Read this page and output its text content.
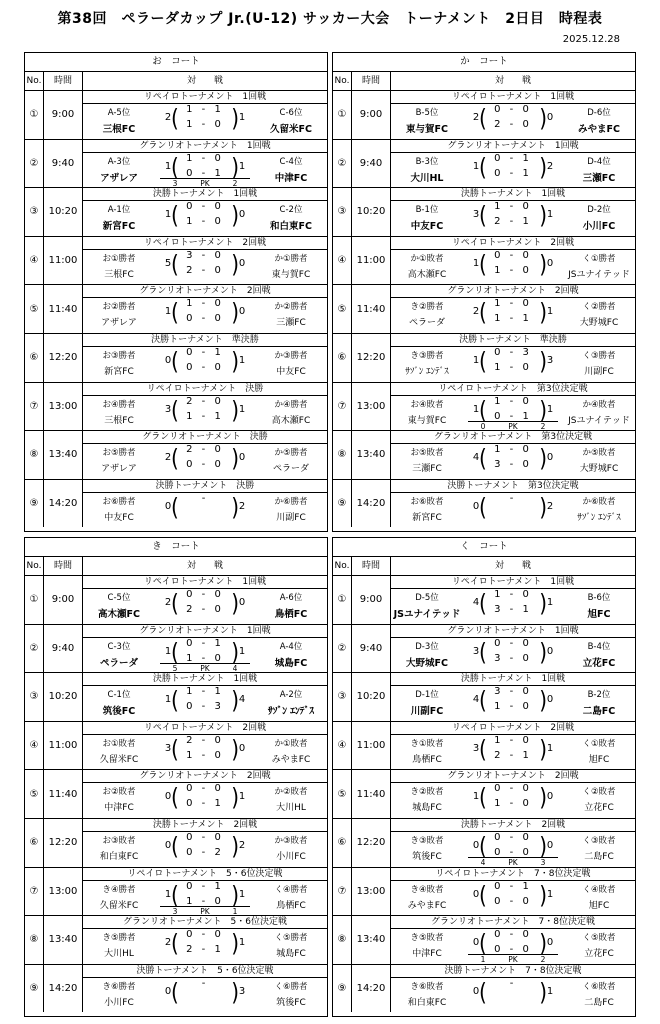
第38回　ペラーダカップ Jr.(U-12) サッカー大会　トーナメント　2日目　時程表
2025.12.28
お　コート
No.	時間	対　　戦
①	9:00
リペイロトーナメント　1回戦
A-5位
三根FC
2 ( 1 - 1
1 - 0 ) 1	C-6位
久留米FC
②	9:40
グランリオトーナメント　1回戦
A-3位
アザレア
1 ( 1 - 0
0 - 1 ) 1	C-4位
中津FC
3	PK	2
③	10:20
決勝トーナメント　1回戦
A-1位
新宮FC
1 ( 0 - 0
1 - 0 ) 0	C-2位
和白東FC
④	11:00
リペイロトーナメント　2回戦
お①勝者
三根FC
5 ( 3 - 0
2 - 0 ) 0	か①勝者
東与賀FC
⑤	11:40
グランリオトーナメント　2回戦
お②勝者
アザレア
1 ( 1 - 0
0 - 0 ) 0	か②勝者
三瀬FC
⑥	12:20
決勝トーナメント　準決勝
お③勝者
新宮FC
0 ( 0 - 1
0 - 0 ) 1	か③勝者
中友FC
⑦	13:00
リペイロトーナメント　決勝
お④勝者
三根FC
3 ( 2 - 0
1 - 1 ) 1	か④勝者
高木瀬FC
⑧	13:40
グランリオトーナメント　決勝
お⑤勝者
アザレア
2 ( 2 - 0
0 - 0 ) 0	か⑤勝者
ペラーダ
⑨	14:20
決勝トーナメント　決勝
お⑥勝者
中友FC
0 (	-	) 2	か⑥勝者
川副FC
か　コート
No.	時間	対　　戦
①	9:00
リペイロトーナメント　1回戦
B-5位
東与賀FC
2 ( 0 - 0
2 - 0 ) 0	D-6位
みやまFC
②	9:40
グランリオトーナメント　1回戦
B-3位
大川HL
1 ( 0 - 1
0 - 1 ) 2	D-4位
三瀬FC
③	10:20
決勝トーナメント　1回戦
B-1位
中友FC
3 ( 1 - 0
2 - 1 ) 1	D-2位
小川FC
④	11:00
リペイロトーナメント　2回戦
か①敗者
高木瀬FC
1 ( 0 - 0
1 - 0 ) 0	く①勝者
JSユナイテッド
⑤	11:40
グランリオトーナメント　2回戦
き②勝者
ペラーダ
2 ( 1 - 0
1 - 1 ) 1	く②勝者
大野城FC
⑥	12:20
決勝トーナメント　準決勝
き③勝者
ｻｿﾞﾝ ｴﾝﾃﾞｽ
1 ( 0 - 3
1 - 0 ) 3	く③勝者
川副FC
⑦	13:00
リペイロトーナメント　第3位決定戦
お④敗者
東与賀FC
1 ( 1 - 0
0 - 1 ) 1	か④敗者
JSユナイテッド
0	PK	2
⑧	13:40
グランリオトーナメント　第3位決定戦
お⑤敗者
三瀬FC
4 ( 1 - 0
3 - 0 ) 0	か⑤敗者
大野城FC
⑨	14:20
決勝トーナメント　第3位決定戦
お⑥敗者
新宮FC
0 (	-	) 2	か⑥敗者
ｻｿﾞﾝ ｴﾝﾃﾞｽ
き　コート
No.	時間	対　　戦
①	9:00
リペイロトーナメント　1回戦
C-5位
高木瀬FC
2 ( 0 - 0
2 - 0 ) 0	A-6位
鳥栖FC
②	9:40
グランリオトーナメント　1回戦
C-3位
ペラーダ
1 ( 0 - 1
1 - 0 ) 1	A-4位
城島FC
5	PK	4
③	10:20
決勝トーナメント　1回戦
C-1位
筑後FC
1 ( 1 - 1
0 - 3 ) 4	A-2位
ｻｿﾞﾝ ｴﾝﾃﾞｽ
④	11:00
リペイロトーナメント　2回戦
お①敗者
久留米FC
3 ( 2 - 0
1 - 0 ) 0	か①敗者
みやまFC
⑤	11:40
グランリオトーナメント　2回戦
お②敗者
中津FC
0 ( 0 - 0
0 - 1 ) 1	か②敗者
大川HL
⑥	12:20
決勝トーナメント　2回戦
お③敗者
和白東FC
0 ( 0 - 0
0 - 2 ) 2	か③敗者
小川FC
⑦	13:00
リペイロトーナメント　5・6位決定戦
き④勝者
久留米FC
1 ( 0 - 1
1 - 0 ) 1	く④勝者
鳥栖FC
3	PK	1
⑧	13:40
グランリオトーナメント　5・6位決定戦
き⑤勝者
大川HL
2 ( 0 - 0
2 - 1 ) 1	く⑤勝者
城島FC
⑨	14:20
決勝トーナメント　5・6位決定戦
き⑥勝者
小川FC
0 (	-	) 3	く⑥勝者
筑後FC
く　コート
No.	時間	対　　戦
①	9:00
リペイロトーナメント　1回戦
D-5位
JSユナイテッド
4 ( 1 - 0
3 - 1 ) 1	B-6位
旭FC
②	9:40
グランリオトーナメント　1回戦
D-3位
大野城FC
3 ( 0 - 0
3 - 0 ) 0	B-4位
立花FC
③	10:20
決勝トーナメント　1回戦
D-1位
川副FC
4 ( 3 - 0
1 - 0 ) 0	B-2位
二島FC
④	11:00
リペイロトーナメント　2回戦
き①敗者
鳥栖FC
3 ( 1 - 0
2 - 1 ) 1	く①敗者
旭FC
⑤	11:40
グランリオトーナメント　2回戦
き②敗者
城島FC
1 ( 0 - 0
1 - 0 ) 0	く②敗者
立花FC
⑥	12:20
決勝トーナメント　2回戦
き③敗者
筑後FC
0 ( 0 - 0
0 - 0 ) 0	く③敗者
二島FC
4	PK	3
⑦	13:00
リペイロトーナメント　7・8位決定戦
き④敗者
みやまFC
0 ( 0 - 1
0 - 0 ) 1	く④敗者
旭FC
⑧	13:40
グランリオトーナメント　7・8位決定戦
き⑤敗者
中津FC
0 ( 0 - 0
0 - 0 ) 0	く⑤敗者
立花FC
1	PK	2
⑨	14:20
決勝トーナメント　7・8位決定戦
き⑥敗者
和白東FC
0 (	-	) 1	く⑥敗者
二島FC
